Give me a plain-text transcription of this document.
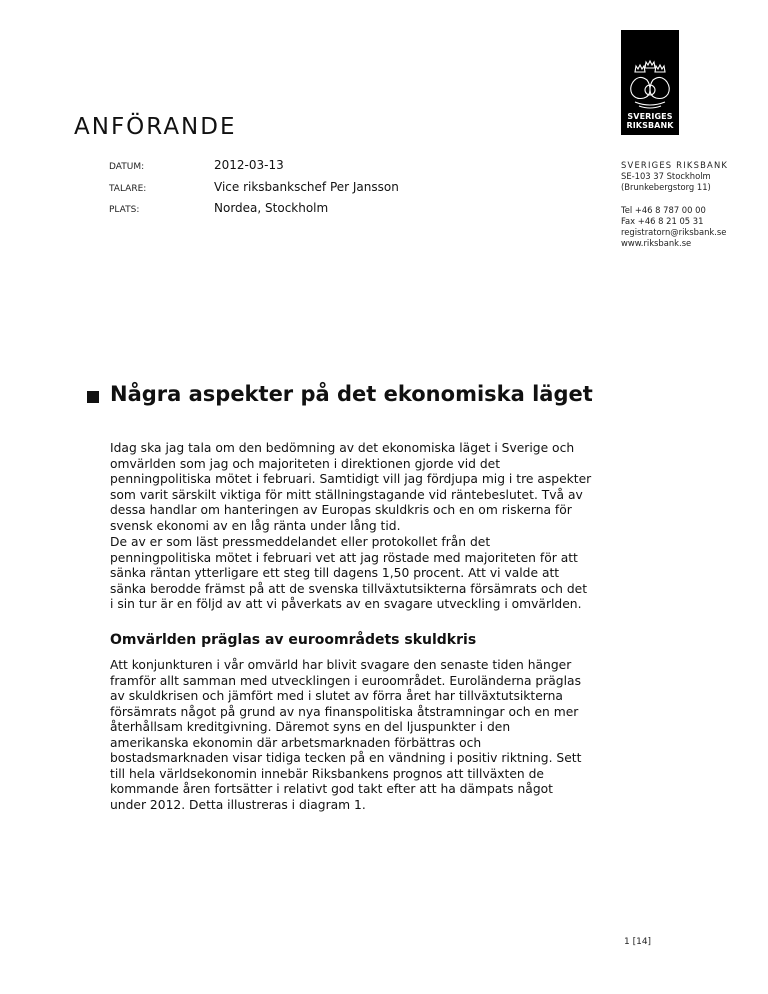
SVERIGES
RIKSBANK
ANFÖRANDE
DATUM:	2012-03-13
TALARE:	Vice riksbankschef Per Jansson
PLATS:	Nordea, Stockholm
SVERIGES RIKSBANK
SE-103 37 Stockholm
(Brunkebergstorg 11)
Tel +46 8 787 00 00
Fax +46 8 21 05 31
registratorn@riksbank.se
www.riksbank.se
Några aspekter på det ekonomiska läget
Idag ska jag tala om den bedömning av det ekonomiska läget i Sverige och omvärlden som jag och majoriteten i direktionen gjorde vid det penningpolitiska mötet i februari. Samtidigt vill jag fördjupa mig i tre aspekter som varit särskilt viktiga för mitt ställningstagande vid räntebeslutet. Två av dessa handlar om hanteringen av Europas skuldkris och en om riskerna för svensk ekonomi av en låg ränta under lång tid.
De av er som läst pressmeddelandet eller protokollet från det penningpolitiska mötet i februari vet att jag röstade med majoriteten för att sänka räntan ytterligare ett steg till dagens 1,50 procent. Att vi valde att sänka berodde främst på att de svenska tillväxtutsikterna försämrats och det i sin tur är en följd av att vi påverkats av en svagare utveckling i omvärlden.
Omvärlden präglas av euroområdets skuldkris
Att konjunkturen i vår omvärld har blivit svagare den senaste tiden hänger framför allt samman med utvecklingen i euroområdet. Euroländerna präglas av skuldkrisen och jämfört med i slutet av förra året har tillväxtutsikterna försämrats något på grund av nya finanspolitiska åtstramningar och en mer återhållsam kreditgivning. Däremot syns en del ljuspunkter i den amerikanska ekonomin där arbetsmarknaden förbättras och bostadsmarknaden visar tidiga tecken på en vändning i positiv riktning. Sett till hela världsekonomin innebär Riksbankens prognos att tillväxten de kommande åren fortsätter i relativt god takt efter att ha dämpats något under 2012. Detta illustreras i diagram 1.
1 [14]
